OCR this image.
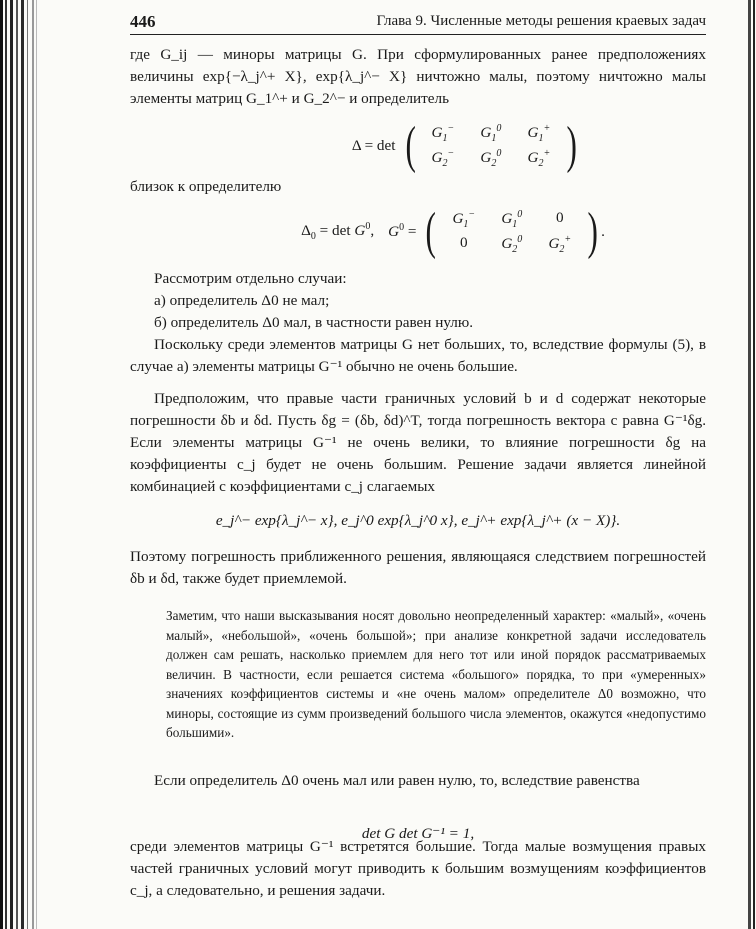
446	Глава 9. Численные методы решения краевых задач
где G_ij — миноры матрицы G. При сформулированных ранее предположениях величины exp{−λ_j^+ X}, exp{λ_j^− X} ничтожно малы, поэтому ничтожно малы элементы матриц G_1^+ и G_2^− и определитель
Δ = det (	$G_1^-$	$G_1^0$	$G_1^+$
$G_2^-$	$G_2^0$	$G_2^+$ )
близок к определителю
$\Delta_0 = \det G^0$, $G^0$ = (	$G_1^-$	$G_1^0$	0
0	$G_2^0$	$G_2^+$ ) .
Рассмотрим отдельно случаи:
а) определитель Δ0 не мал;
б) определитель Δ0 мал, в частности равен нулю.
Поскольку среди элементов матрицы G нет больших, то, вследствие формулы (5), в случае а) элементы матрицы G⁻¹ обычно не очень большие.
Предположим, что правые части граничных условий b и d содержат некоторые погрешности δb и δd. Пусть δg = (δb, δd)^T, тогда погрешность вектора c равна G⁻¹δg. Если элементы матрицы G⁻¹ не очень велики, то влияние погрешности δg на коэффициенты c_j будет не очень большим. Решение задачи является линейной комбинацией с коэффициентами c_j слагаемых
e_j^− exp{λ_j^− x}, e_j^0 exp{λ_j^0 x}, e_j^+ exp{λ_j^+ (x − X)}.
Поэтому погрешность приближенного решения, являющаяся следствием погрешностей δb и δd, также будет приемлемой.
Заметим, что наши высказывания носят довольно неопределенный характер: «малый», «очень малый», «небольшой», «очень большой»; при анализе конкретной задачи исследователь должен сам решать, насколько приемлем для него тот или иной порядок рассматриваемых величин. В частности, если решается система «большого» порядка, то при «умеренных» значениях коэффициентов системы и «не очень малом» определителе Δ0 возможно, что миноры, состоящие из сумм произведений большого числа элементов, окажутся «недопустимо большими».
Если определитель Δ0 очень мал или равен нулю, то, вследствие равенства
det G det G⁻¹ = 1,
среди элементов матрицы G⁻¹ встретятся большие. Тогда малые возмущения правых частей граничных условий могут приводить к большим возмущениям коэффициентов c_j, а следовательно, и решения задачи.
